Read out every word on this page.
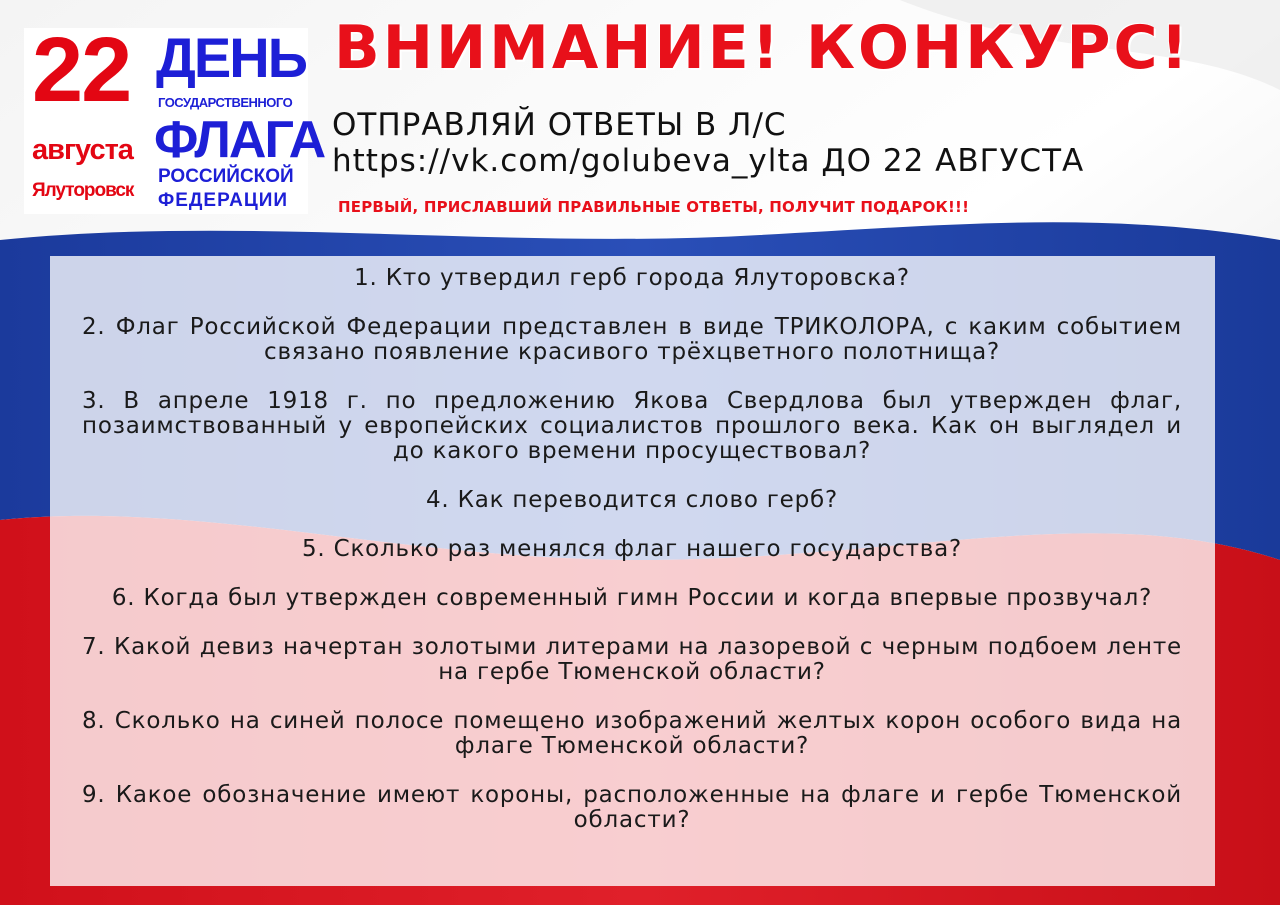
22
августа
Ялуторовск
ДЕНЬ
ГОСУДАРСТВЕННОГО
ФЛАГА
РОССИЙСКОЙ
ФЕДЕРАЦИИ
ВНИМАНИЕ! КОНКУРС!
ОТПРАВЛЯЙ ОТВЕТЫ В Л/С
https://vk.com/golubeva_ylta ДО 22 АВГУСТА
ПЕРВЫЙ, ПРИСЛАВШИЙ ПРАВИЛЬНЫЕ ОТВЕТЫ, ПОЛУЧИТ ПОДАРОК!!!

1. Кто утвердил герб города Ялуторовска?

2. Флаг Российской Федерации представлен в виде ТРИКОЛОРА, с каким событием связано появление красивого трёхцветного полотнища?

3. В апреле 1918 г. по предложению Якова Свердлова был утвержден флаг, позаимствованный у европейских социалистов прошлого века. Как он выглядел и до какого времени просуществовал?

4. Как переводится слово герб?

5. Сколько раз менялся флаг нашего государства?

6. Когда был утвержден современный гимн России и когда впервые прозвучал?

7. Какой девиз начертан золотыми литерами на лазоревой с черным подбоем ленте на гербе Тюменской области?

8. Сколько на синей полосе помещено изображений желтых корон особого вида на флаге Тюменской области?

9. Какое обозначение имеют короны, расположенные на флаге и гербе Тюменской области?
